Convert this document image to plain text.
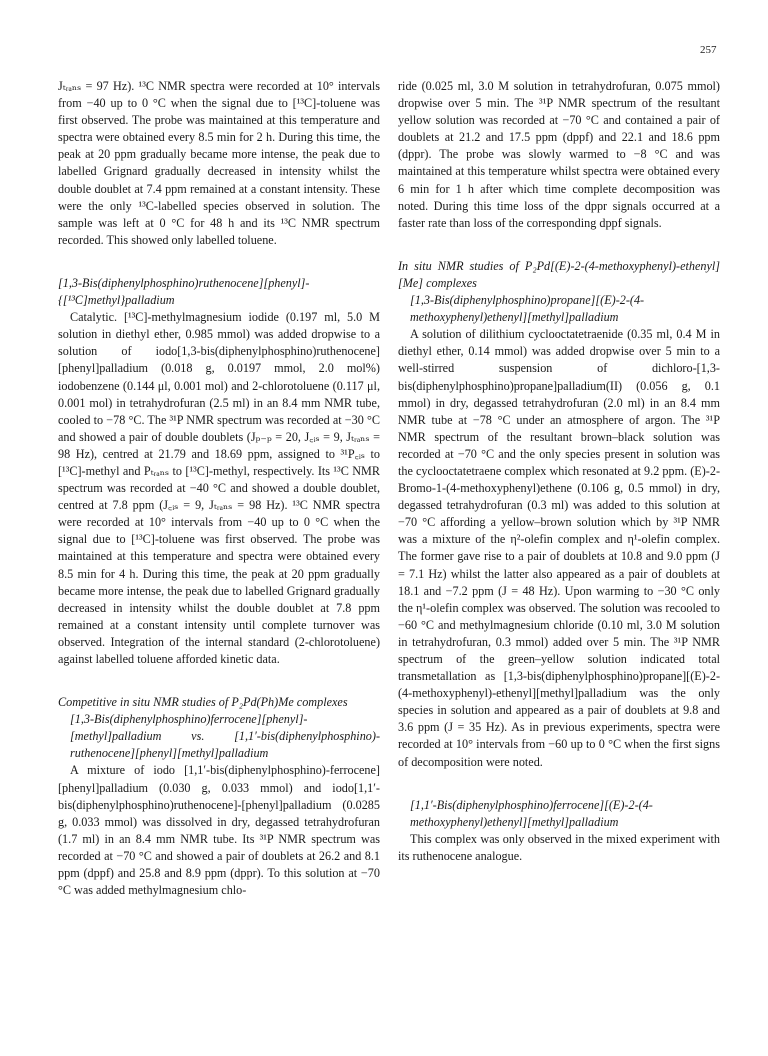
257

Jₜᵣₐₙₛ = 97 Hz). ¹³C NMR spectra were recorded at 10° intervals from −40 up to 0 °C when the signal due to [¹³C]-toluene was first observed. The probe was maintained at this temperature and spectra were obtained every 8.5 min for 2 h. During this time, the peak at 20 ppm gradually became more intense, the peak due to labelled Grignard gradually decreased in intensity whilst the double doublet at 7.4 ppm remained at a constant intensity. These were the only ¹³C-labelled species observed in solution. The sample was left at 0 °C for 48 h and its ¹³C NMR spectrum recorded. This showed only labelled toluene.

[1,3-Bis(diphenylphosphino)ruthenocene][phenyl]-{[¹³C]methyl}palladium

Catalytic. [¹³C]-methylmagnesium iodide (0.197 ml, 5.0 M solution in diethyl ether, 0.985 mmol) was added dropwise to a solution of iodo[1,3-bis(diphenylphosphino)ruthenocene][phenyl]palladium (0.018 g, 0.0197 mmol, 2.0 mol%) iodobenzene (0.144 μl, 0.001 mol) and 2-chlorotoluene (0.117 μl, 0.001 mol) in tetrahydrofuran (2.5 ml) in an 8.4 mm NMR tube, cooled to −78 °C. The ³¹P NMR spectrum was recorded at −30 °C and showed a pair of double doublets (Jₚ₋ₚ = 20, J꜀ᵢₛ = 9, Jₜᵣₐₙₛ = 98 Hz), centred at 21.79 and 18.69 ppm, assigned to ³¹P꜀ᵢₛ to [¹³C]-methyl and Pₜᵣₐₙₛ to [¹³C]-methyl, respectively. Its ¹³C NMR spectrum was recorded at −40 °C and showed a double doublet, centred at 7.8 ppm (J꜀ᵢₛ = 9, Jₜᵣₐₙₛ = 98 Hz). ¹³C NMR spectra were recorded at 10° intervals from −40 up to 0 °C when the signal due to [¹³C]-toluene was first observed. The probe was maintained at this temperature and spectra were obtained every 8.5 min for 4 h. During this time, the peak at 20 ppm gradually became more intense, the peak due to labelled Grignard gradually decreased in intensity whilst the double doublet at 7.8 ppm remained at a constant intensity until complete turnover was observed. Integration of the internal standard (2-chlorotoluene) against labelled toluene afforded kinetic data.

Competitive in situ NMR studies of P₂Pd(Ph)Me complexes

[1,3-Bis(diphenylphosphino)ferrocene][phenyl]-[methyl]palladium vs. [1,1′-bis(diphenylphosphino)-ruthenocene][phenyl][methyl]palladium

A mixture of iodo [1,1′-bis(diphenylphosphino)-ferrocene][phenyl]palladium (0.030 g, 0.033 mmol) and iodo[1,1′-bis(diphenylphosphino)ruthenocene]-[phenyl]palladium (0.0285 g, 0.033 mmol) was dissolved in dry, degassed tetrahydrofuran (1.7 ml) in an 8.4 mm NMR tube. Its ³¹P NMR spectrum was recorded at −70 °C and showed a pair of doublets at 26.2 and 8.1 ppm (dppf) and 25.8 and 8.9 ppm (dppr). To this solution at −70 °C was added methylmagnesium chlo-

ride (0.025 ml, 3.0 M solution in tetrahydrofuran, 0.075 mmol) dropwise over 5 min. The ³¹P NMR spectrum of the resultant yellow solution was recorded at −70 °C and contained a pair of doublets at 21.2 and 17.5 ppm (dppf) and 22.1 and 18.6 ppm (dppr). The probe was slowly warmed to −8 °C and was maintained at this temperature whilst spectra were obtained every 6 min for 1 h after which time complete decomposition was noted. During this time loss of the dppr signals occurred at a faster rate than loss of the corresponding dppf signals.

In situ NMR studies of P₂Pd[(E)-2-(4-methoxyphenyl)-ethenyl][Me] complexes

[1,3-Bis(diphenylphosphino)propane][(E)-2-(4-methoxyphenyl)ethenyl][methyl]palladium

A solution of dilithium cyclooctatetraenide (0.35 ml, 0.4 M in diethyl ether, 0.14 mmol) was added dropwise over 5 min to a well-stirred suspension of dichloro-[1,3-bis(diphenylphosphino)propane]palladium(II) (0.056 g, 0.1 mmol) in dry, degassed tetrahydrofuran (2.0 ml) in an 8.4 mm NMR tube at −78 °C under an atmosphere of argon. The ³¹P NMR spectrum of the resultant brown–black solution was recorded at −70 °C and the only species present in solution was the cyclooctatetraene complex which resonated at 9.2 ppm. (E)-2-Bromo-1-(4-methoxyphenyl)ethene (0.106 g, 0.5 mmol) in dry, degassed tetrahydrofuran (0.3 ml) was added to this solution at −70 °C affording a yellow–brown solution which by ³¹P NMR was a mixture of the η²-olefin complex and η¹-olefin complex. The former gave rise to a pair of doublets at 10.8 and 9.0 ppm (J = 7.1 Hz) whilst the latter also appeared as a pair of doublets at 18.1 and −7.2 ppm (J = 48 Hz). Upon warming to −30 °C only the η¹-olefin complex was observed. The solution was recooled to −60 °C and methylmagnesium chloride (0.10 ml, 3.0 M solution in tetrahydrofuran, 0.3 mmol) added over 5 min. The ³¹P NMR spectrum of the green–yellow solution indicated total transmetallation as [1,3-bis(diphenylphosphino)propane][(E)-2-(4-methoxyphenyl)-ethenyl][methyl]palladium was the only species in solution and appeared as a pair of doublets at 9.8 and 3.6 ppm (J = 35 Hz). As in previous experiments, spectra were recorded at 10° intervals from −60 up to 0 °C when the first signs of decomposition were noted.

[1,1′-Bis(diphenylphosphino)ferrocene][(E)-2-(4-methoxyphenyl)ethenyl][methyl]palladium

This complex was only observed in the mixed experiment with its ruthenocene analogue.
